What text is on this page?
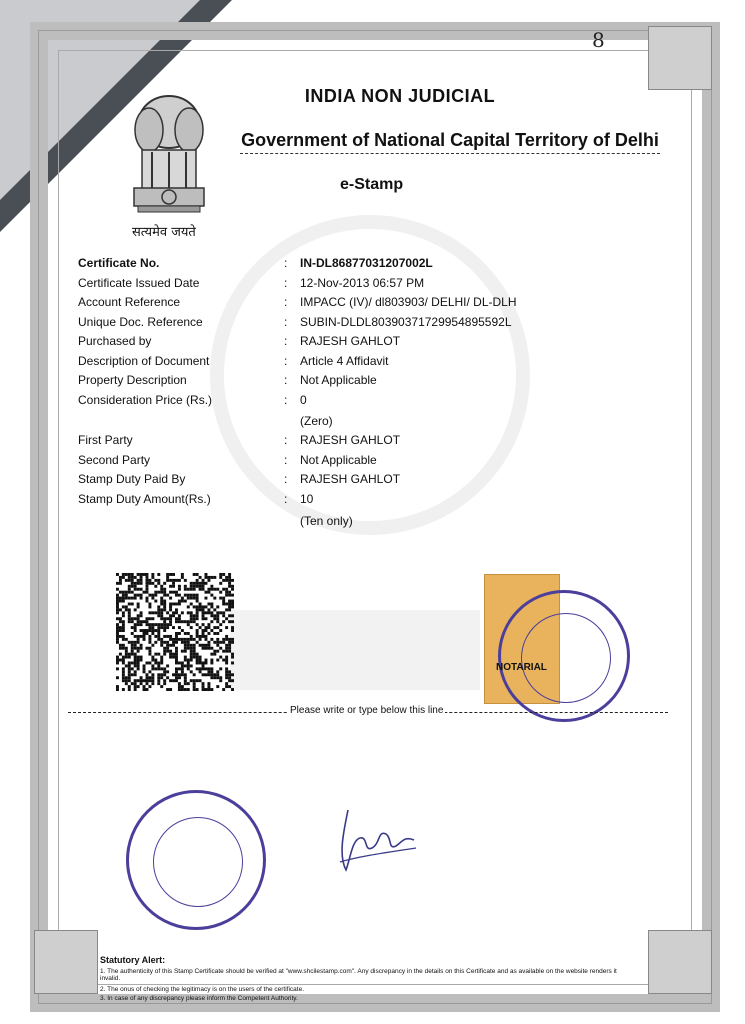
8
सत्यमेव जयते
INDIA NON JUDICIAL
Government of National Capital Territory of Delhi
e-Stamp
Certificate No.	: IN-DL86877031207002L
Certificate Issued Date	: 12-Nov-2013 06:57 PM
Account Reference	: IMPACC (IV)/ dl803903/ DELHI/ DL-DLH
Unique Doc. Reference	: SUBIN-DLDL80390371729954895592L
Purchased by	: RAJESH GAHLOT
Description of Document	: Article 4 Affidavit
Property Description	: Not Applicable
Consideration Price (Rs.)	: 0
(Zero)
First Party	: RAJESH GAHLOT
Second Party	: Not Applicable
Stamp Duty Paid By	: RAJESH GAHLOT
Stamp Duty Amount(Rs.)	: 10
(Ten only)
NOTARIAL
Please write or type below this line
Statutory Alert:
1. The authenticity of this Stamp Certificate should be verified at "www.shcilestamp.com". Any discrepancy in the details on this Certificate and as available on the website renders it invalid.
2. The onus of checking the legitimacy is on the users of the certificate.
3. In case of any discrepancy please inform the Competent Authority.
